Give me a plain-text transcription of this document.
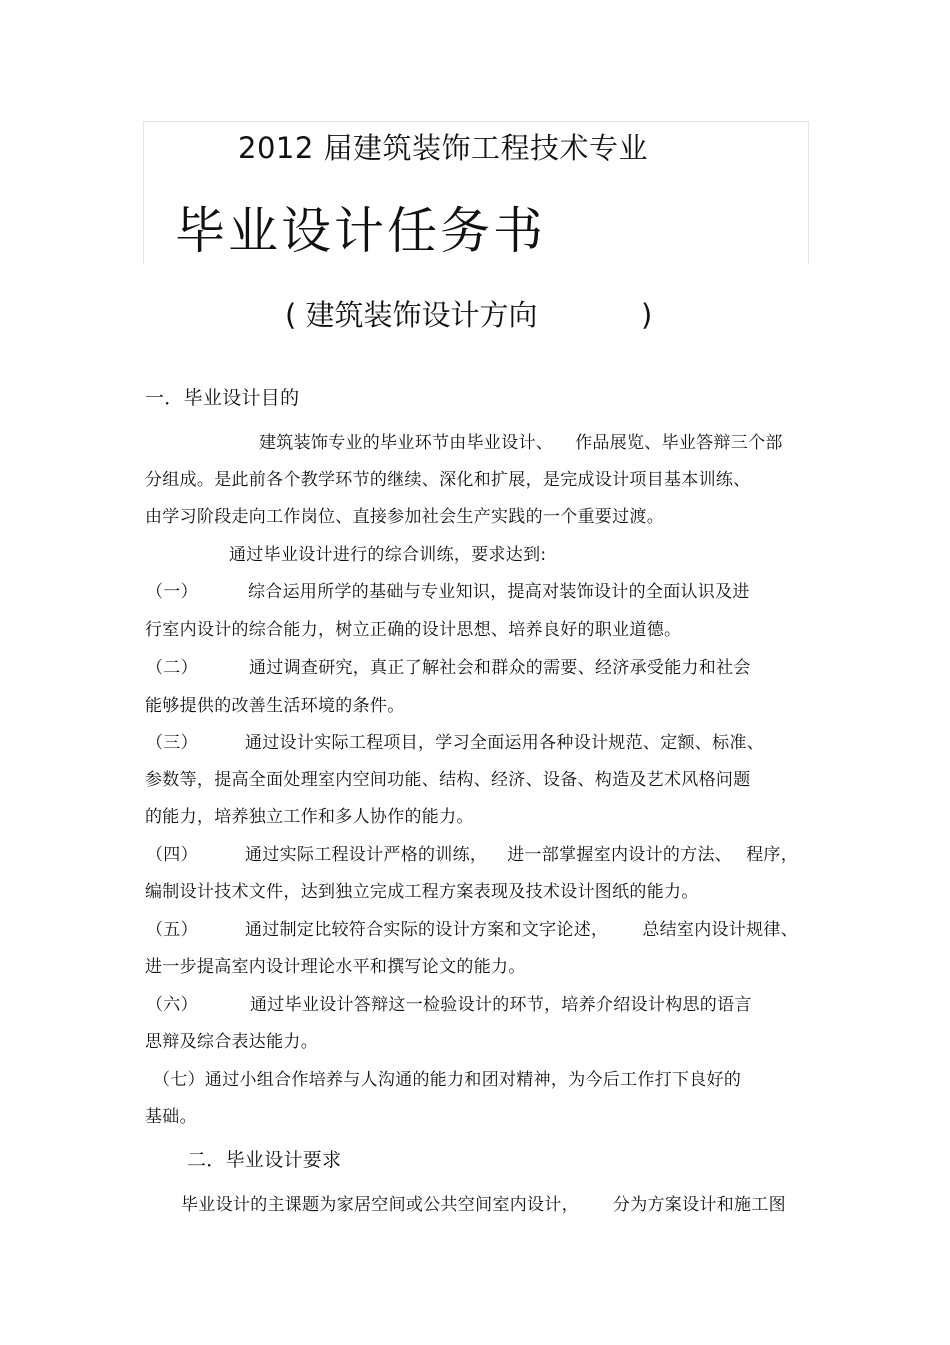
2012 届建筑装饰工程技术专业
毕业设计任务书
( 建筑装饰设计方向	)
一．毕业设计目的
建筑装饰专业的毕业环节由毕业设计、 作品展览、毕业答辩三个部
分组成。是此前各个教学环节的继续、深化和扩展，是完成设计项目基本训练、
由学习阶段走向工作岗位、直接参加社会生产实践的一个重要过渡。
通过毕业设计进行的综合训练，要求达到:
（一）	综合运用所学的基础与专业知识，提高对装饰设计的全面认识及进
行室内设计的综合能力，树立正确的设计思想、培养良好的职业道德。
（二）	通过调查研究，真正了解社会和群众的需要、经济承受能力和社会
能够提供的改善生活环境的条件。
（三）	通过设计实际工程项目，学习全面运用各种设计规范、定额、标准、
参数等，提高全面处理室内空间功能、结构、经济、设备、构造及艺术风格问题
的能力，培养独立工作和多人协作的能力。
（四）	通过实际工程设计严格的训练， 进一部掌握室内设计的方法、 程序，
编制设计技术文件，达到独立完成工程方案表现及技术设计图纸的能力。
（五）	通过制定比较符合实际的设计方案和文字论述， 总结室内设计规律、
进一步提高室内设计理论水平和撰写论文的能力。
（六）	通过毕业设计答辩这一检验设计的环节，培养介绍设计构思的语言
思辩及综合表达能力。
（七）通过小组合作培养与人沟通的能力和团对精神，为今后工作打下良好的
基础。
二．毕业设计要求
毕业设计的主课题为家居空间或公共空间室内设计， 分为方案设计和施工图
